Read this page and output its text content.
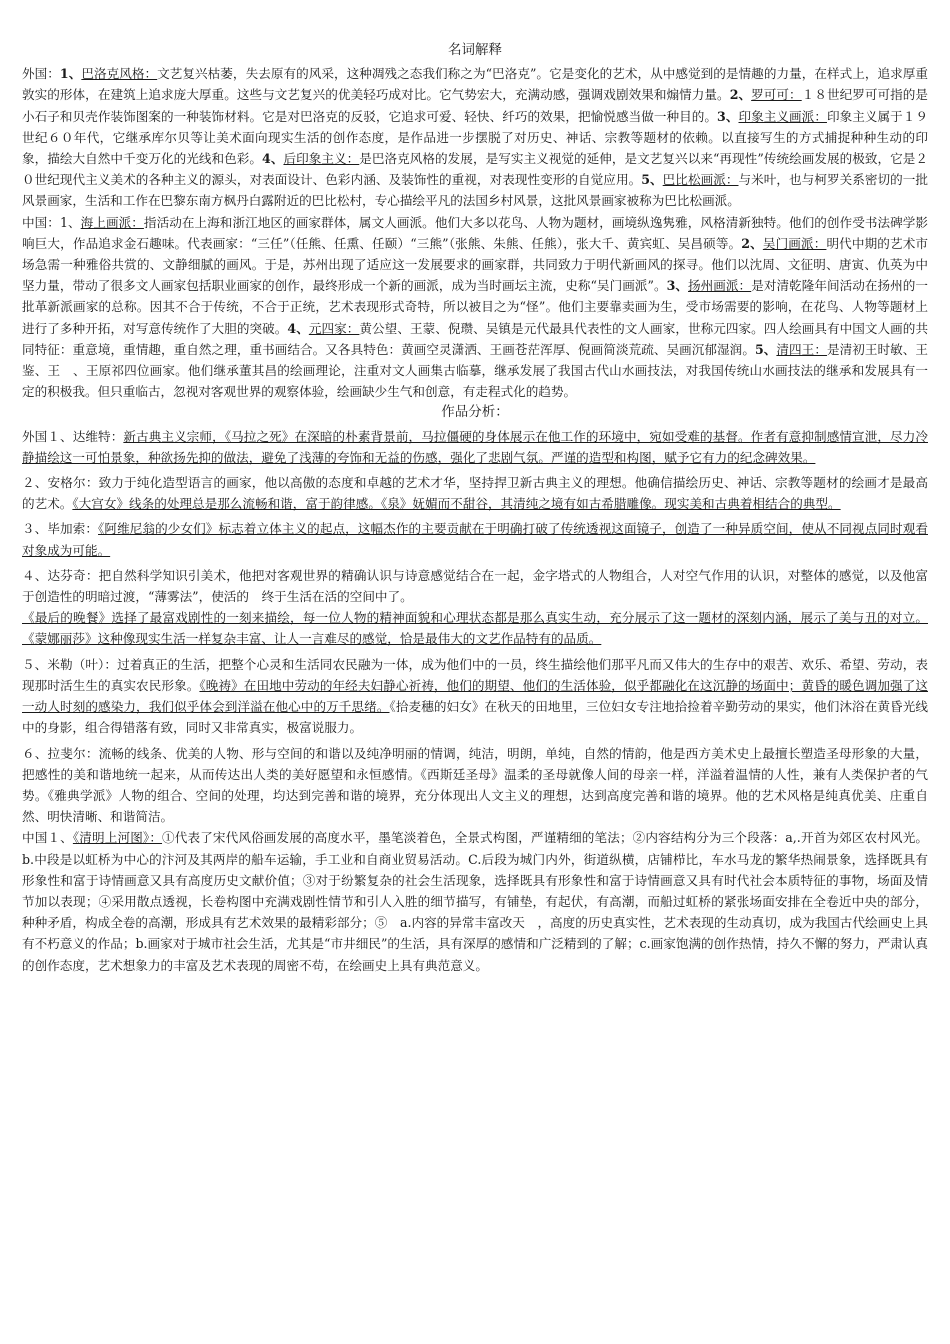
名词解释

外国：1、巴洛克风格：文艺复兴枯萎，失去原有的风采，这种凋残之态我们称之为“巴洛克”。它是变化的艺术，从中感觉到的是情趣的力量，在样式上，追求厚重敦实的形体，在建筑上追求庞大厚重。这些与文艺复兴的优美轻巧成对比。它气势宏大，充满动感，强调戏剧效果和煽情力量。2、罗可可：１８世纪罗可可指的是小石子和贝壳作装饰图案的一种装饰材料。它是对巴洛克的反驳，它追求可爱、轻快、纤巧的效果，把愉悦感当做一种目的。3、印象主义画派：印象主义属于１９世纪６０年代，它继承库尔贝等让美术面向现实生活的创作态度，是作品进一步摆脱了对历史、神话、宗教等题材的依赖。以直接写生的方式捕捉种种生动的印象，描绘大自然中千变万化的光线和色彩。4、后印象主义：是巴洛克风格的发展，是写实主义视觉的延伸，是文艺复兴以来“再现性”传统绘画发展的极致，它是２０世纪现代主义美术的各种主义的源头，对表面设计、色彩内涵、及装饰性的重视，对表现性变形的自觉应用。5、巴比松画派：与米叶，也与柯罗关系密切的一批风景画家，生活和工作在巴黎东南方枫丹白露附近的巴比松村，专心描绘平凡的法国乡村风景，这批风景画家被称为巴比松画派。

中国：1、海上画派：指活动在上海和浙江地区的画家群体，属文人画派。他们大多以花鸟、人物为题材，画境纵逸隽雅，风格清新独特。他们的创作受书法碑学影响巨大，作品追求金石趣味。代表画家：“三任”（任熊、任熏、任颐）“三熊”（张熊、朱熊、任熊），张大千、黄宾虹、吴昌硕等。2、吴门画派：明代中期的艺术市场急需一种雅俗共赏的、文静细腻的画风。于是，苏州出现了适应这一发展要求的画家群，共同致力于明代新画风的探寻。他们以沈周、文征明、唐寅、仇英为中坚力量，带动了很多文人画家包括职业画家的创作，最终形成一个新的画派，成为当时画坛主流，史称“吴门画派”。3、扬州画派：是对清乾隆年间活动在扬州的一批革新派画家的总称。因其不合于传统，不合于正统，艺术表现形式奇特，所以被目之为“怪”。他们主要靠卖画为生，受市场需要的影响，在花鸟、人物等题材上进行了多种开拓，对写意传统作了大胆的突破。4、元四家：黄公望、王蒙、倪瓒、吴镇是元代最具代表性的文人画家，世称元四家。四人绘画具有中国文人画的共同特征：重意境，重情趣，重自然之理，重书画结合。又各具特色：黄画空灵潇洒、王画苍茫浑厚、倪画简淡荒疏、吴画沉郁湿润。5、清四王：是清初王时敏、王鉴、王　、王原祁四位画家。他们继承董其昌的绘画理论，注重对文人画集古临摹，继承发展了我国古代山水画技法，对我国传统山水画技法的继承和发展具有一定的积极我。但只重临古，忽视对客观世界的观察体验，绘画缺少生气和创意，有走程式化的趋势。

作品分析：

外国１、达维特：新古典主义宗师，《马拉之死》在深暗的朴素背景前，马拉僵硬的身体展示在他工作的环境中，宛如受难的基督。作者有意抑制感情宣泄，尽力冷静描绘这一可怕景象，种欲扬先抑的做法，避免了浅薄的夸饰和无益的伤感，强化了悲剧气氛。严谨的造型和构图，赋予它有力的纪念碑效果。

２、安格尔：致力于纯化造型语言的画家，他以高傲的态度和卓越的艺术才华，坚持捍卫新古典主义的理想。他确信描绘历史、神话、宗教等题材的绘画才是最高的艺术。《大宫女》线条的处理总是那么流畅和谐，富于韵律感。《泉》妩媚而不甜谷，其清纯之境有如古希腊雕像。现实美和古典着相结合的典型。

３、毕加索：《阿维尼翁的少女们》标志着立体主义的起点，这幅杰作的主要贡献在于明确打破了传统透视这面镜子，创造了一种异质空间，使从不同视点同时观看对象成为可能。

４、达芬奇：把自然科学知识引美术，他把对客观世界的精确认识与诗意感觉结合在一起，金字塔式的人物组合，人对空气作用的认识，对整体的感觉，以及他富于创造性的明暗过渡，“薄雾法”，使活的　终于生活在活的空间中了。

《最后的晚餐》选择了最富戏剧性的一刻来描绘，每一位人物的精神面貌和心理状态都是那么真实生动，充分展示了这一题材的深刻内涵，展示了美与丑的对立。《蒙娜丽莎》这种像现实生活一样复杂丰富、让人一言难尽的感觉，恰是最伟大的文艺作品特有的品质。

５、米勒（叶）：过着真正的生活，把整个心灵和生活同农民融为一体，成为他们中的一员，终生描绘他们那平凡而又伟大的生存中的艰苦、欢乐、希望、劳动，表现那时活生生的真实农民形象。《晚祷》在田地中劳动的年经夫妇静心祈祷，他们的期望、他们的生活体验，似乎都融化在这沉静的场面中；黄昏的暖色调加强了这一动人时刻的感染力，我们似乎体会到洋溢在他心中的万千思绪。《拾麦穗的妇女》在秋天的田地里，三位妇女专注地拾捡着辛勤劳动的果实，他们沐浴在黄昏光线中的身影，组合得错落有致，同时又非常真实，极富说服力。

６、拉斐尔：流畅的线条、优美的人物、形与空间的和谐以及纯净明丽的情调，纯洁，明朗，单纯，自然的情韵，他是西方美术史上最擅长塑造圣母形象的大量，把感性的美和谐地统一起来，从而传达出人类的美好愿望和永恒感情。《西斯廷圣母》温柔的圣母就像人间的母亲一样，洋溢着温情的人性，兼有人类保护者的气势。《雅典学派》人物的组合、空间的处理，均达到完善和谐的境界，充分体现出人文主义的理想，达到高度完善和谐的境界。他的艺术风格是纯真优美、庄重自然、明快清晰、和谐简洁。

中国１、《清明上河图》：①代表了宋代风俗画发展的高度水平，墨笔淡着色，全景式构图，严谨精细的笔法；②内容结构分为三个段落：a,.开首为郊区农村风光。b.中段是以虹桥为中心的汴河及其两岸的船车运输，手工业和自商业贸易活动。C.后段为城门内外，街道纵横，店铺栉比，车水马龙的繁华热闹景象，选择既具有形象性和富于诗情画意又具有高度历史文献价值；③对于纷繁复杂的社会生活现象，选择既具有形象性和富于诗情画意又具有时代社会本质特征的事物，场面及情节加以表现；④采用散点透视，长卷构图中充满戏剧性情节和引人入胜的细节描写，有铺垫，有起伏，有高潮，而船过虹桥的紧张场面安排在全卷近中央的部分，种种矛盾，构成全卷的高潮，形成具有艺术效果的最精彩部分；⑤　a.内容的异常丰富改天　，高度的历史真实性，艺术表现的生动真切，成为我国古代绘画史上具有不朽意义的作品；b.画家对于城市社会生活，尤其是“市井细民”的生活，具有深厚的感情和广泛精到的了解；c.画家饱满的创作热情，持久不懈的努力，严肃认真的创作态度，艺术想象力的丰富及艺术表现的周密不苟，在绘画史上具有典范意义。
